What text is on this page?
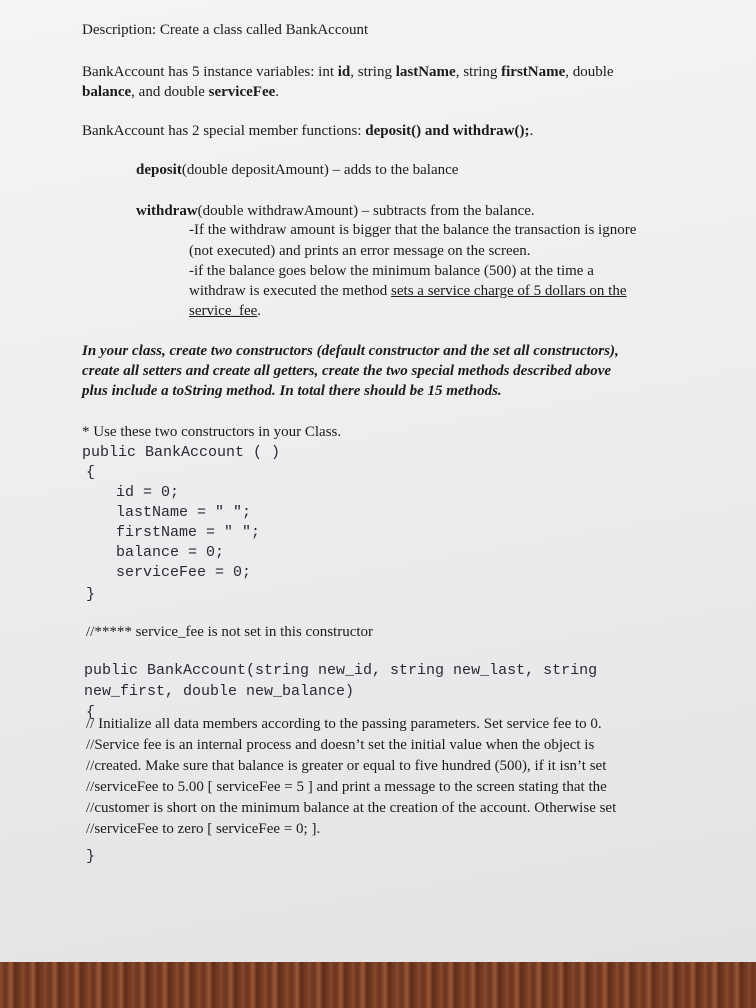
Description: Create a class called BankAccount
BankAccount has 5 instance variables: int id, string lastName, string firstName, double
balance, and double serviceFee.
BankAccount has 2 special member functions: deposit() and withdraw();.
deposit(double depositAmount) – adds to the balance
withdraw(double withdrawAmount) – subtracts from the balance.
-If the withdraw amount is bigger that the balance the transaction is ignore
(not executed) and prints an error message on the screen.
-if the balance goes below the minimum balance (500) at the time a
withdraw is executed the method sets a service charge of 5 dollars on the
service_fee.
In your class, create two constructors (default constructor and the set all constructors),
create all setters and create all getters, create the two special methods described above
plus include a toString method. In total there should be 15 methods.
* Use these two constructors in your Class.
public BankAccount ( )
{
id = 0;
lastName = " ";
firstName = " ";
balance = 0;
serviceFee = 0;
}
//***** service_fee is not set in this constructor
public BankAccount(string new_id, string new_last, string
new_first, double new_balance)
{
// Initialize all data members according to the passing parameters. Set service fee to 0.
//Service fee is an internal process and doesn’t set the initial value when the object is
//created. Make sure that balance is greater or equal to five hundred (500), if it isn’t set
//serviceFee to 5.00 [ serviceFee = 5 ] and print a message to the screen stating that the
//customer is short on the minimum balance at the creation of the account. Otherwise set
//serviceFee to zero [ serviceFee = 0; ].
}
